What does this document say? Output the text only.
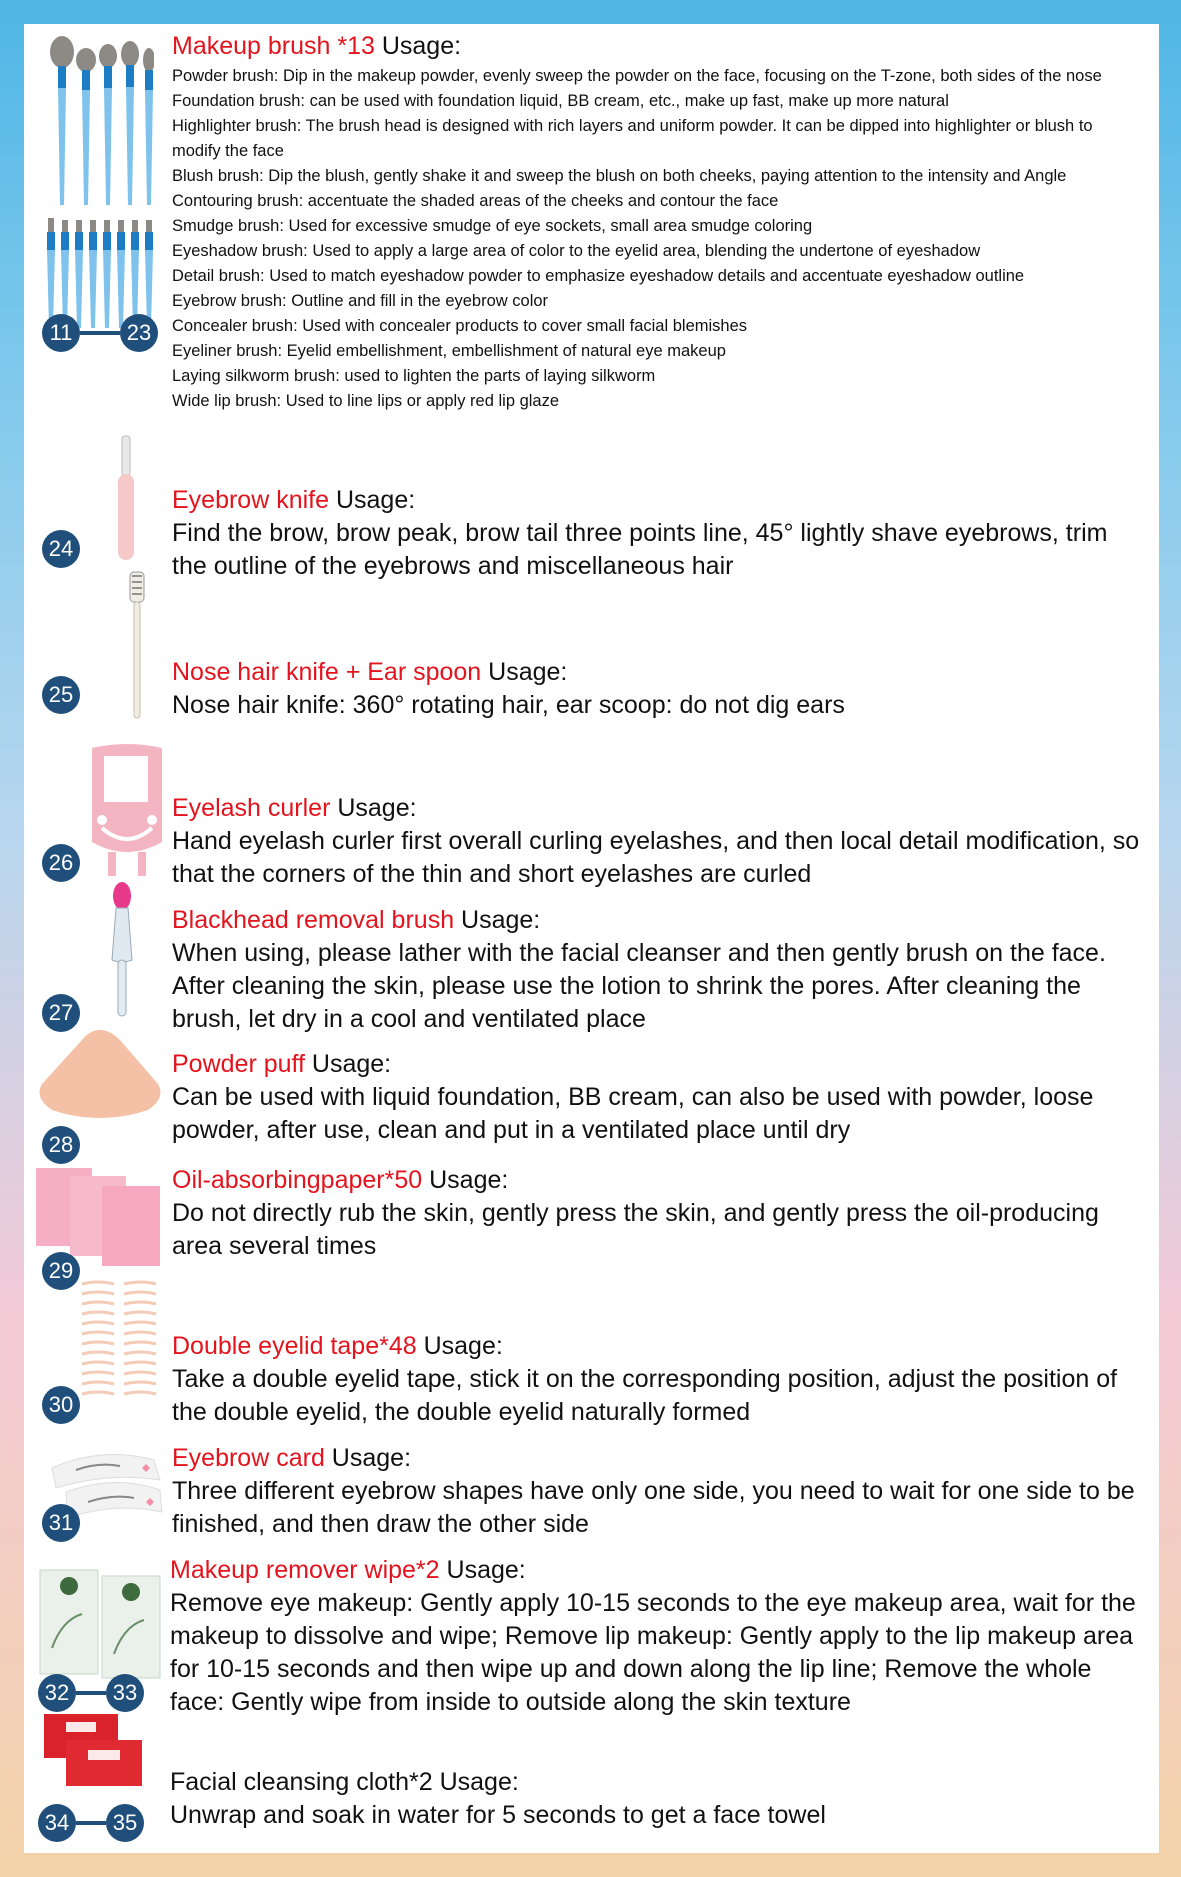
11	23
Makeup brush *13 Usage:
Powder brush: Dip in the makeup powder, evenly sweep the powder on the face, focusing on the T-zone, both sides of the nose
Foundation brush: can be used with foundation liquid, BB cream, etc., make up fast, make up more natural
Highlighter brush: The brush head is designed with rich layers and uniform powder. It can be dipped into highlighter or blush to modify the face
Blush brush: Dip the blush, gently shake it and sweep the blush on both cheeks, paying attention to the intensity and Angle
Contouring brush: accentuate the shaded areas of the cheeks and contour the face
Smudge brush: Used for excessive smudge of eye sockets, small area smudge coloring
Eyeshadow brush: Used to apply a large area of color to the eyelid area, blending the undertone of eyeshadow
Detail brush: Used to match eyeshadow powder to emphasize eyeshadow details and accentuate eyeshadow outline
Eyebrow brush: Outline and fill in the eyebrow color
Concealer brush: Used with concealer products to cover small facial blemishes
Eyeliner brush: Eyelid embellishment, embellishment of natural eye makeup
Laying silkworm brush: used to lighten the parts of laying silkworm
Wide lip brush: Used to line lips or apply red lip glaze
24
Eyebrow knife Usage:
Find the brow, brow peak, brow tail three points line, 45° lightly shave eyebrows, trim the outline of the eyebrows and miscellaneous hair
25
Nose hair knife + Ear spoon Usage:
Nose hair knife: 360° rotating hair, ear scoop: do not dig ears
26
Eyelash curler Usage:
Hand eyelash curler first overall curling eyelashes, and then local detail modification, so that the corners of the thin and short eyelashes are curled
27
Blackhead removal brush Usage:
When using, please lather with the facial cleanser and then gently brush on the face. After cleaning the skin, please use the lotion to shrink the pores. After cleaning the brush, let dry in a cool and ventilated place
28
Powder puff Usage:
Can be used with liquid foundation, BB cream, can also be used with powder, loose powder, after use, clean and put in a ventilated place until dry
29
Oil-absorbingpaper*50 Usage:
Do not directly rub the skin, gently press the skin, and gently press the oil-producing area several times
30
Double eyelid tape*48 Usage:
Take a double eyelid tape, stick it on the corresponding position, adjust the position of the double eyelid, the double eyelid naturally formed
31
Eyebrow card Usage:
Three different eyebrow shapes have only one side, you need to wait for one side to be finished, and then draw the other side
32	33
Makeup remover wipe*2 Usage:
Remove eye makeup: Gently apply 10-15 seconds to the eye makeup area, wait for the makeup to dissolve and wipe; Remove lip makeup: Gently apply to the lip makeup area for 10-15 seconds and then wipe up and down along the lip line; Remove the whole face: Gently wipe from inside to outside along the skin texture
34	35
Facial cleansing cloth*2 Usage:
Unwrap and soak in water for 5 seconds to get a face towel
